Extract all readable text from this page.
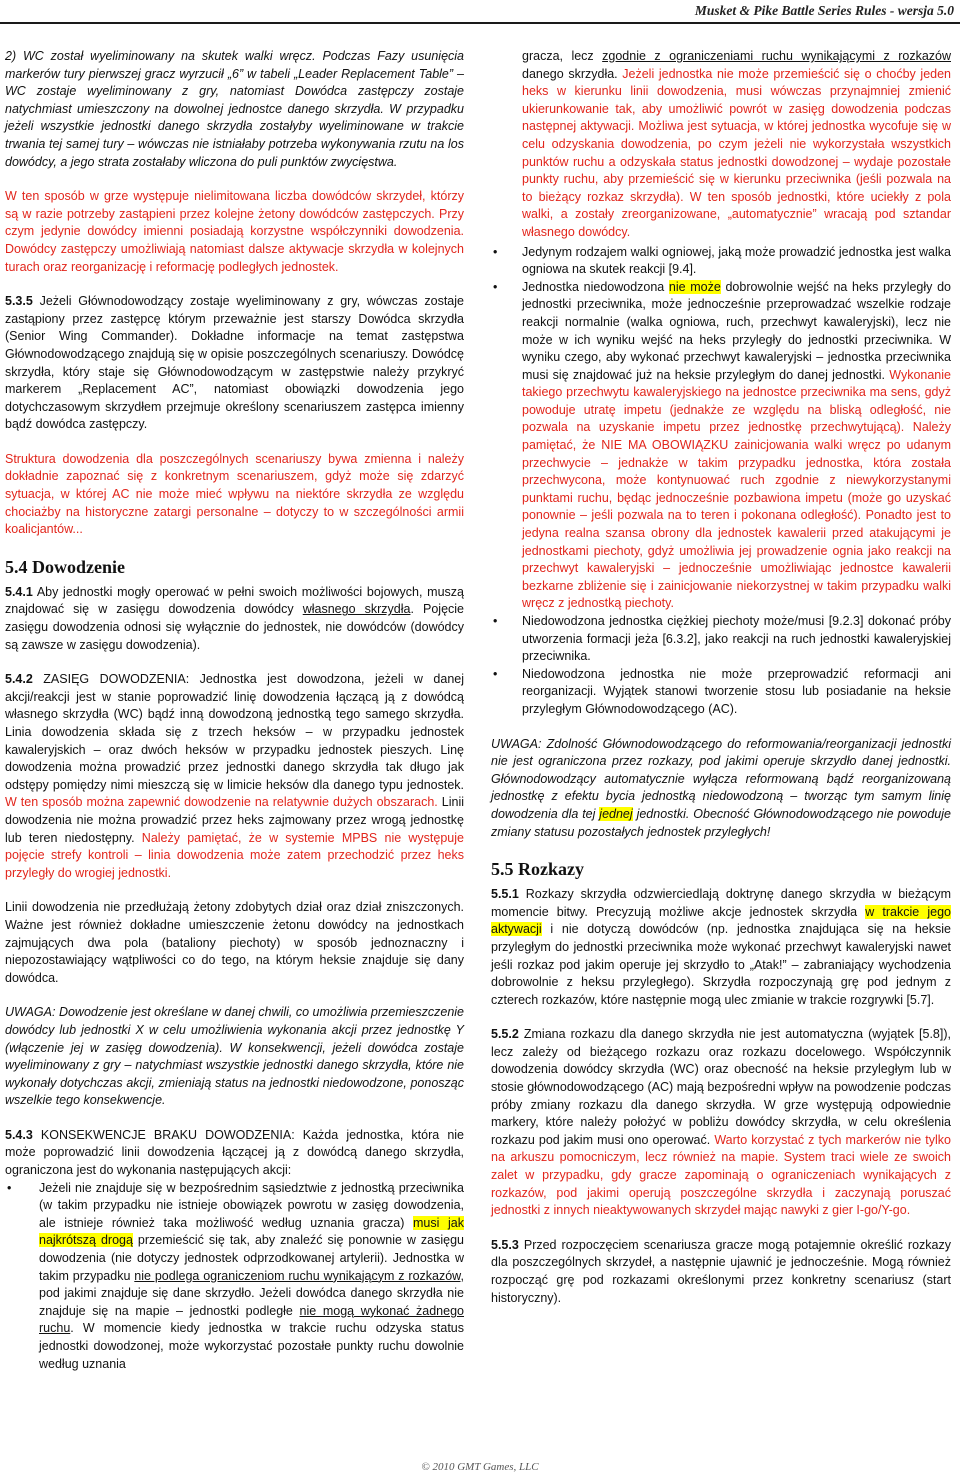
Musket & Pike Battle Series Rules - wersja 5.0

2) WC został wyeliminowany na skutek walki wręcz. Podczas Fazy usunięcia markerów tury pierwszej gracz wyrzucił „6” w tabeli „Leader Replacement Table” – WC zostaje wyeliminowany z gry, natomiast Dowódca zastępczy zostaje natychmiast umieszczony na dowolnej jednostce danego skrzydła. W przypadku jeżeli wszystkie jednostki danego skrzydła zostałyby wyeliminowane w trakcie trwania tej samej tury – wówczas nie istniałaby potrzeba wykonywania rzutu na los dowódcy, a jego strata zostałaby wliczona do puli punktów zwycięstwa.

W ten sposób w grze występuje nielimitowana liczba dowódców skrzydeł, którzy są w razie potrzeby zastąpieni przez kolejne żetony dowódców zastępczych. Przy czym jedynie dowódcy imienni posiadają korzystne współczynniki dowodzenia. Dowódcy zastępczy umożliwiają natomiast dalsze aktywacje skrzydła w kolejnych turach oraz reorganizację i reformację podległych jednostek.

5.3.5 Jeżeli Głównodowodzący zostaje wyeliminowany z gry, wówczas zostaje zastąpiony przez zastępcę którym przeważnie jest starszy Dowódca skrzydła (Senior Wing Commander). Dokładne informacje na temat zastępstwa Głównodowodzącego znajdują się w opisie poszczególnych scenariuszy. Dowódcę skrzydła, który staje się Głównodowodzącym w zastępstwie należy przykryć markerem „Replacement AC”, natomiast obowiązki dowodzenia jego dotychczasowym skrzydłem przejmuje określony scenariuszem zastępca imienny bądź dowódca zastępczy.

Struktura dowodzenia dla poszczególnych scenariuszy bywa zmienna i należy dokładnie zapoznać się z konkretnym scenariuszem, gdyż może się zdarzyć sytuacja, w której AC nie może mieć wpływu na niektóre skrzydła ze względu chociażby na historyczne zatargi personalne – dotyczy to w szczególności armii koalicjantów...

5.4 Dowodzenie

5.4.1 Aby jednostki mogły operować w pełni swoich możliwości bojowych, muszą znajdować się w zasięgu dowodzenia dowódcy własnego skrzydła. Pojęcie zasięgu dowodzenia odnosi się wyłącznie do jednostek, nie dowódców (dowódcy są zawsze w zasięgu dowodzenia).

5.4.2 ZASIĘG DOWODZENIA: Jednostka jest dowodzona, jeżeli w danej akcji/reakcji jest w stanie poprowadzić linię dowodzenia łączącą ją z dowódcą własnego skrzydła (WC) bądź inną dowodzoną jednostką tego samego skrzydła. Linia dowodzenia składa się z trzech heksów – w przypadku jednostek kawaleryjskich – oraz dwóch heksów w przypadku jednostek pieszych. Linę dowodzenia można prowadzić przez jednostki danego skrzydła tak długo jak odstępy pomiędzy nimi mieszczą się w limicie heksów dla danego typu jednostek. W ten sposób można zapewnić dowodzenie na relatywnie dużych obszarach. Linii dowodzenia nie można prowadzić przez heks zajmowany przez wrogą jednostkę lub teren niedostępny. Należy pamiętać, że w systemie MPBS nie występuje pojęcie strefy kontroli – linia dowodzenia może zatem przechodzić przez heks przyległy do wrogiej jednostki.

Linii dowodzenia nie przedłużają żetony zdobytych dział oraz dział zniszczonych. Ważne jest również dokładne umieszczenie żetonu dowódcy na jednostkach zajmujących dwa pola (bataliony piechoty) w sposób jednoznaczny i niepozostawiający wątpliwości co do tego, na którym heksie znajduje się dany dowódca.

UWAGA: Dowodzenie jest określane w danej chwili, co umożliwia przemieszczenie dowódcy lub jednostki X w celu umożliwienia wykonania akcji przez jednostkę Y (włączenie jej w zasięg dowodzenia). W konsekwencji, jeżeli dowódca zostaje wyeliminowany z gry – natychmiast wszystkie jednostki danego skrzydła, które nie wykonały dotychczas akcji, zmieniają status na jednostki niedowodzone, ponosząc wszelkie tego konsekwencje.

5.4.3 KONSEKWENCJE BRAKU DOWODZENIA: Każda jednostka, która nie może poprowadzić linii dowodzenia łączącej ją z dowódcą danego skrzydła, ograniczona jest do wykonania następujących akcji:

• Jeżeli nie znajduje się w bezpośrednim sąsiedztwie z jednostką przeciwnika (w takim przypadku nie istnieje obowiązek powrotu w zasięg dowodzenia, ale istnieje również taka możliwość według uznania gracza) musi jak najkrótszą drogą przemieścić się tak, aby znaleźć się ponownie w zasięgu dowodzenia (nie dotyczy jednostek odprzodkowanej artylerii). Jednostka w takim przypadku nie podlega ograniczeniom ruchu wynikającym z rozkazów, pod jakimi znajduje się dane skrzydło. Jeżeli dowódca danego skrzydła nie znajduje się na mapie – jednostki podległe nie mogą wykonać żadnego ruchu. W momencie kiedy jednostka w trakcie ruchu odzyska status jednostki dowodzonej, może wykorzystać pozostałe punkty ruchu dowolnie według uznania
gracza, lecz zgodnie z ograniczeniami ruchu wynikającymi z rozkazów danego skrzydła. Jeżeli jednostka nie może przemieścić się o choćby jeden heks w kierunku linii dowodzenia, musi wówczas przynajmniej zmienić ukierunkowanie tak, aby umożliwić powrót w zasięg dowodzenia podczas następnej aktywacji. Możliwa jest sytuacja, w której jednostka wycofuje się w celu odzyskania dowodzenia, po czym jeżeli nie wykorzystała wszystkich punktów ruchu a odzyskała status jednostki dowodzonej – wydaje pozostałe punkty ruchu, aby przemieścić się w kierunku przeciwnika (jeśli pozwala na to bieżący rozkaz skrzydła). W ten sposób jednostki, które uciekły z pola walki, a zostały zreorganizowane, „automatycznie” wracają pod sztandar własnego dowódcy.
• Jedynym rodzajem walki ogniowej, jaką może prowadzić jednostka jest walka ogniowa na skutek reakcji [9.4].
• Jednostka niedowodzona nie może dobrowolnie wejść na heks przyległy do jednostki przeciwnika, może jednocześnie przeprowadzać wszelkie rodzaje reakcji normalnie (walka ogniowa, ruch, przechwyt kawaleryjski), lecz nie może w ich wyniku wejść na heks przyległy do jednostki przeciwnika. W wyniku czego, aby wykonać przechwyt kawaleryjski – jednostka przeciwnika musi się znajdować już na heksie przyległym do danej jednostki. Wykonanie takiego przechwytu kawaleryjskiego na jednostce przeciwnika ma sens, gdyż powoduje utratę impetu (jednakże ze względu na bliską odległość, nie pozwala na uzyskanie impetu przez jednostkę przechwytującą). Należy pamiętać, że NIE MA OBOWIĄZKU zainicjowania walki wręcz po udanym przechwycie – jednakże w takim przypadku jednostka, która została przechwycona, może kontynuować ruch zgodnie z niewykorzystanymi punktami ruchu, będąc jednocześnie pozbawiona impetu (może go uzyskać ponownie – jeśli pozwala na to teren i pokonana odległość). Ponadto jest to jedyna realna szansa obrony dla jednostek kawalerii przed atakującymi je jednostkami piechoty, gdyż umożliwia jej prowadzenie ognia jako reakcji na przechwyt kawaleryjski – jednocześnie umożliwiając jednostce kawalerii bezkarne zbliżenie się i zainicjowanie niekorzystnej w takim przypadku walki wręcz z jednostką piechoty.
• Niedowodzona jednostka ciężkiej piechoty może/musi [9.2.3] dokonać próby utworzenia formacji jeża [6.3.2], jako reakcji na ruch jednostki kawaleryjskiej przeciwnika.
• Niedowodzona jednostka nie może przeprowadzić reformacji ani reorganizacji. Wyjątek stanowi tworzenie stosu lub posiadanie na heksie przyległym Głównodowodzącego (AC).

UWAGA: Zdolność Głównodowodzącego do reformowania/reorganizacji jednostki nie jest ograniczona przez rozkazy, pod jakimi operuje skrzydło danej jednostki. Głównodowodzący automatycznie wyłącza reformowaną bądź reorganizowaną jednostkę z efektu bycia jednostką niedowodzoną – tworząc tym samym linię dowodzenia dla tej jednej jednostki. Obecność Głównodowodzącego nie powoduje zmiany statusu pozostałych jednostek przyległych!

5.5 Rozkazy

5.5.1 Rozkazy skrzydła odzwierciedlają doktrynę danego skrzydła w bieżącym momencie bitwy. Precyzują możliwe akcje jednostek skrzydła w trakcie jego aktywacji i nie dotyczą dowódców (np. jednostka znajdująca się na heksie przyległym do jednostki przeciwnika może wykonać przechwyt kawaleryjski nawet jeśli rozkaz pod jakim operuje jej skrzydło to „Atak!” – zabraniający wychodzenia dobrowolnie z heksu przyległego). Skrzydła rozpoczynają grę pod jednym z czterech rozkazów, które następnie mogą ulec zmianie w trakcie rozgrywki [5.7].

5.5.2 Zmiana rozkazu dla danego skrzydła nie jest automatyczna (wyjątek [5.8]), lecz zależy od bieżącego rozkazu oraz rozkazu docelowego. Współczynnik dowodzenia dowódcy skrzydła (WC) oraz obecność na heksie przyległym lub w stosie głównodowodzącego (AC) mają bezpośredni wpływ na powodzenie podczas próby zmiany rozkazu dla danego skrzydła. W grze występują odpowiednie markery, które należy położyć w pobliżu dowódcy skrzydła, w celu określenia rozkazu pod jakim musi ono operować. Warto korzystać z tych markerów nie tylko na arkuszu pomocniczym, lecz również na mapie. System traci wiele ze swoich zalet w przypadku, gdy gracze zapominają o ograniczeniach wynikających z rozkazów, pod jakimi operują poszczególne skrzydła i zaczynają poruszać jednostki z innych nieaktywowanych skrzydeł mając nawyki z gier I-go/Y-go.

5.5.3 Przed rozpoczęciem scenariusza gracze mogą potajemnie określić rozkazy dla poszczególnych skrzydeł, a następnie ujawnić je jednocześnie. Mogą również rozpocząć grę pod rozkazami określonymi przez konkretny scenariusz (start historyczny).

© 2010 GMT Games, LLC
